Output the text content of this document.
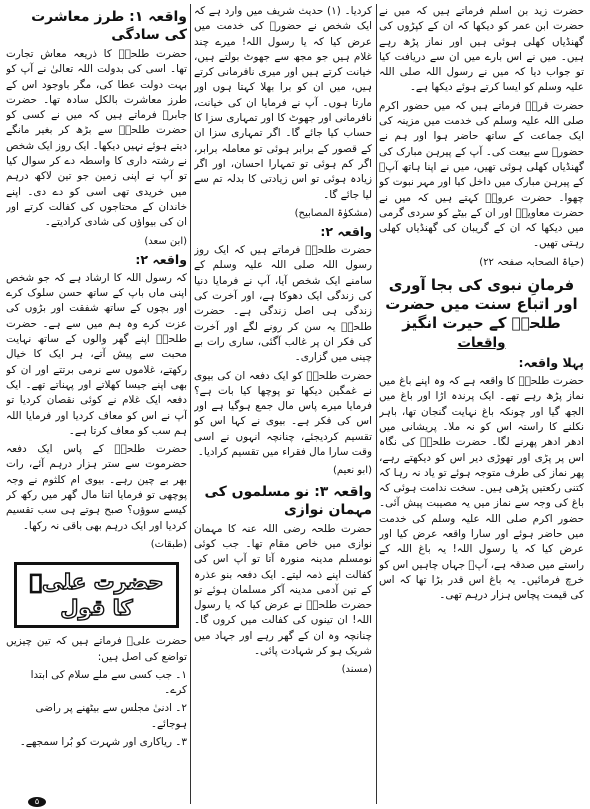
حضرت زید بن اسلم فرماتے ہیں کہ میں نے حضرت ابن عمر کو دیکھا کہ ان کے کپڑوں کی گھنڈیاں کھلی ہوئی ہیں اور نماز پڑھ رہے ہیں۔ میں نے اس بارے میں ان سے دریافت کیا تو جواب دیا کہ میں نے رسول اللہ صلی اللہ علیہ وسلم کو ایسا کرتے ہوئے دیکھا ہے۔

حضرت قرہؓ فرماتے ہیں کہ میں حضور اکرم صلی اللہ علیہ وسلم کی خدمت میں مزینہ کی ایک جماعت کے ساتھ حاضر ہوا اور ہم نے حضورؐ سے بیعت کی۔ آپ کے پیرہن مبارک کی گھنڈیاں کھلی ہوئی تھیں، میں نے اپنا ہاتھ آپؐ کے پیرہن مبارک میں داخل کیا اور مہر نبوت کو چھوا۔ حضرت عروہؓ کہتے ہیں کہ میں نے حضرت معاویہؓ اور ان کے بیٹے کو سردی گرمی میں دیکھا کہ ان کے گریبان کی گھنڈیاں کھلی رہتی تھیں۔

(حیاۃ الصحابہ صفحہ ۲۲)

فرمانِ نبوی کی بجا آوری اور اتباع سنت میں حضرت طلحہؓ کے حیرت انگیز
واقعات
پہلا واقعہ:

حضرت طلحہؓ کا واقعہ ہے کہ وہ اپنے باغ میں نماز پڑھ رہے تھے۔ ایک پرندہ اڑا اور باغ میں الجھ گیا اور چونکہ باغ نہایت گنجان تھا، باہر نکلنے کا راستہ اس کو نہ ملا۔ پریشانی میں ادھر ادھر پھرنے لگا۔ حضرت طلحہؓ کی نگاہ اس پر پڑی اور تھوڑی دیر اس کو دیکھتے رہے، پھر نماز کی طرف متوجہ ہوئے تو یاد نہ رہا کہ کتنی رکعتیں پڑھی ہیں۔ سخت ندامت ہوئی کہ باغ کی وجہ سے نماز میں یہ مصیبت پیش آئی۔ حضور اکرم صلی اللہ علیہ وسلم کی خدمت میں حاضر ہوئے اور سارا واقعہ عرض کیا اور عرض کیا کہ یا رسول اللہ! یہ باغ اللہ کے راستے میں صدقہ ہے، آپؐ جہاں چاہیں اس کو خرچ فرمائیں۔ یہ باغ اس قدر بڑا تھا کہ اس کی قیمت پچاس ہزار درہم تھی۔

کردیا۔ (۱) حدیث شریف میں وارد ہے کہ ایک شخص نے حضورؐ کی خدمت میں عرض کیا کہ یا رسول اللہ! میرے چند غلام ہیں جو مجھ سے جھوٹ بولتے ہیں، خیانت کرتے ہیں اور میری نافرمانی کرتے ہیں، میں ان کو برا بھلا کہتا ہوں اور مارتا ہوں۔ آپ نے فرمایا ان کی خیانت، نافرمانی اور جھوٹ کا اور تمہاری سزا کا حساب کیا جائے گا۔ اگر تمہاری سزا ان کے قصور کے برابر ہوئی تو معاملہ برابر، اگر کم ہوئی تو تمہارا احسان، اور اگر زیادہ ہوئی تو اس زیادتی کا بدلہ تم سے لیا جائے گا۔

(مشکوٰۃ المصابیح)

واقعہ ۲:

حضرت طلحہؓ فرماتے ہیں کہ ایک روز رسول اللہ صلی اللہ علیہ وسلم کے سامنے ایک شخص آیا، آپ نے فرمایا دنیا کی زندگی ایک دھوکا ہے، اور آخرت کی زندگی ہی اصل زندگی ہے۔ حضرت طلحہؓ یہ سن کر رونے لگے اور آخرت کی فکر ان پر غالب آگئی، ساری رات بے چینی میں گزاری۔

حضرت طلحہؓ کو ایک دفعہ ان کی بیوی نے غمگین دیکھا تو پوچھا کیا بات ہے؟ فرمایا میرے پاس مال جمع ہوگیا ہے اور اس کی فکر ہے۔ بیوی نے کہا اس کو تقسیم کردیجئے، چنانچہ انہوں نے اسی وقت سارا مال فقراء میں تقسیم کرادیا۔

(ابو نعیم)

واقعہ ۳: نو مسلموں کی مہمان نوازی

حضرت طلحہ رضی اللہ عنہ کا مہمان نوازی میں خاص مقام تھا۔ جب کوئی نومسلم مدینہ منورہ آتا تو آپ اس کی کفالت اپنے ذمہ لیتے۔ ایک دفعہ بنو عذرہ کے تین آدمی مدینہ آکر مسلمان ہوئے تو حضرت طلحہؓ نے عرض کیا کہ یا رسول اللہ! ان تینوں کی کفالت میں کروں گا۔ چنانچہ وہ ان کے گھر رہے اور جہاد میں شریک ہو کر شہادت پائی۔

(مسند)

واقعہ ۱: طرز معاشرت کی سادگی

حضرت طلحہؓ کا ذریعہ معاش تجارت تھا۔ اسی کی بدولت اللہ تعالیٰ نے آپ کو بہت دولت عطا کی، مگر باوجود اس کے طرز معاشرت بالکل سادہ تھا۔ حضرت جابرؓ فرماتے ہیں کہ میں نے کسی کو حضرت طلحہؓ سے بڑھ کر بغیر مانگے دیتے ہوئے نہیں دیکھا۔ ایک روز ایک شخص نے رشتہ داری کا واسطہ دے کر سوال کیا تو آپ نے اپنی زمین جو تین لاکھ درہم میں خریدی تھی اسی کو دے دی۔ اپنے خاندان کے محتاجوں کی کفالت کرتے اور ان کی بیواؤں کی شادی کرادیتے۔

(ابن سعد)

واقعہ ۲:

کہ رسول اللہ کا ارشاد ہے کہ جو شخص اپنی ماں باپ کے ساتھ حسن سلوک کرے اور بچوں کے ساتھ شفقت اور بڑوں کی عزت کرے وہ ہم میں سے ہے۔ حضرت طلحہؓ اپنے گھر والوں کے ساتھ نہایت محبت سے پیش آتے، ہر ایک کا خیال رکھتے، غلاموں سے نرمی برتتے اور ان کو بھی اپنے جیسا کھلاتے اور پہناتے تھے۔ ایک دفعہ ایک غلام نے کوئی نقصان کردیا تو آپ نے اس کو معاف کردیا اور فرمایا اللہ ہم سب کو معاف کرتا ہے۔

حضرت طلحہؓ کے پاس ایک دفعہ حضرموت سے ستر ہزار درہم آئے، رات بھر بے چین رہے۔ بیوی ام کلثوم نے وجہ پوچھی تو فرمایا اتنا مال گھر میں رکھ کر کیسے سوؤں؟ صبح ہوتے ہی سب تقسیم کردیا اور ایک درہم بھی باقی نہ رکھا۔

(طبقات)

حضرت علیؓ کا قول

حضرت علیؓ فرماتے ہیں کہ تین چیزیں تواضع کی اصل ہیں:

۱۔ جب کسی سے ملے سلام کی ابتدا کرے۔
۲۔ ادنیٰ مجلس سے بیٹھنے پر راضی ہوجائے۔
۳۔ ریاکاری اور شہرت کو بُرا سمجھے۔
۵
